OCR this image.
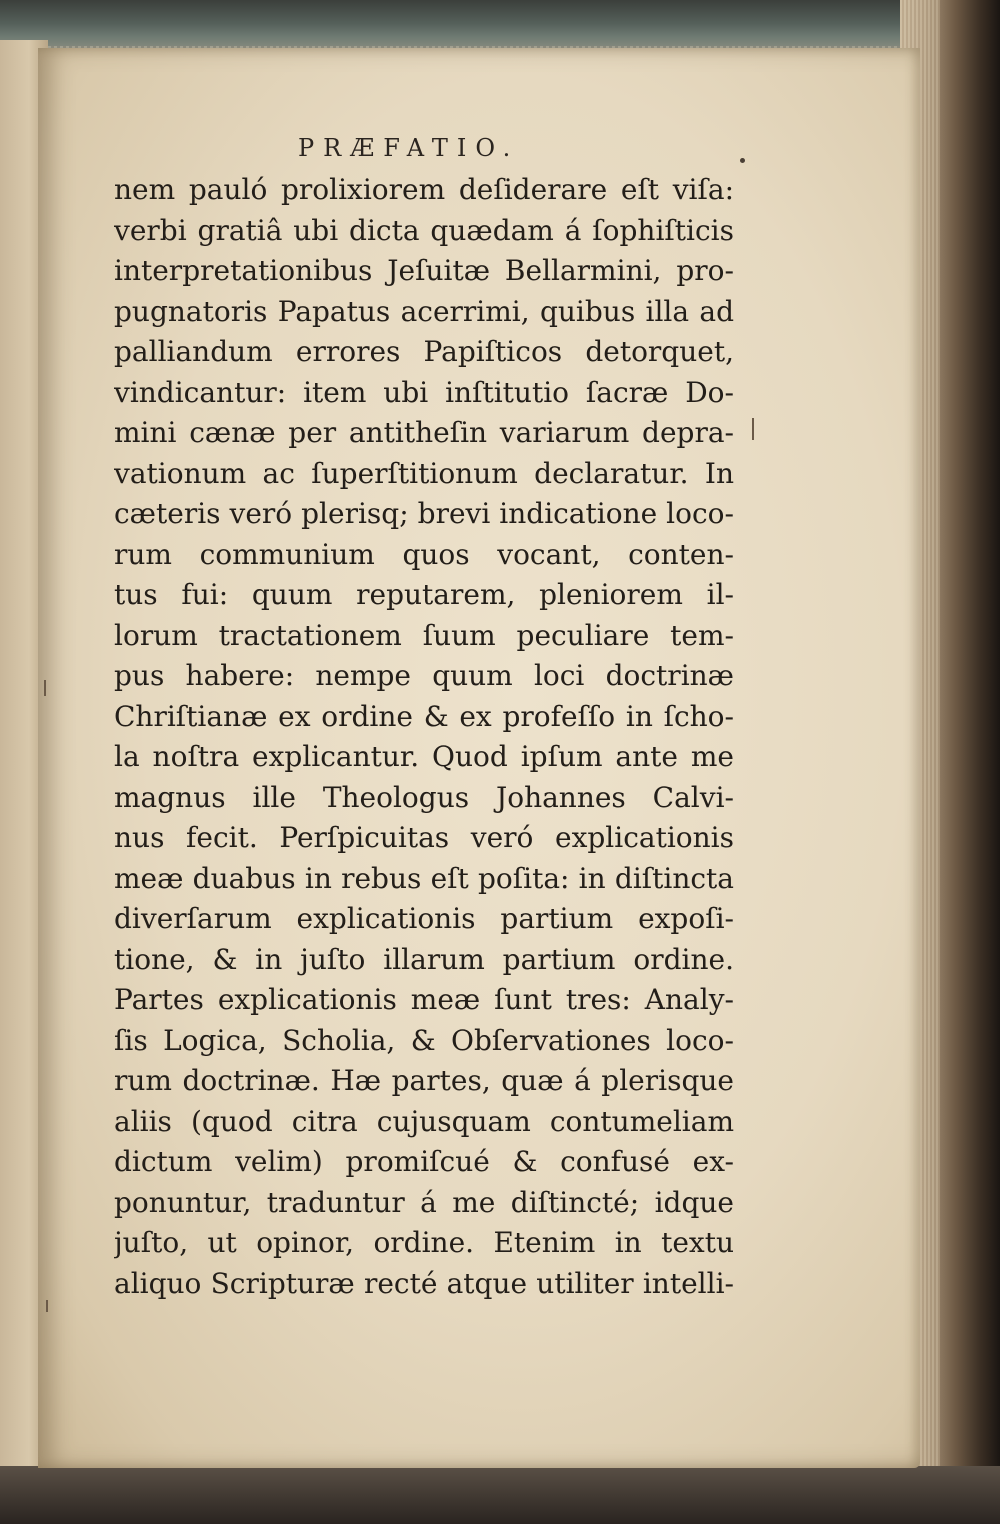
PRÆFATIO.
nem pauló prolixiorem deſiderare eſt viſa:
verbi gratiâ ubi dicta quædam á ſophiſticis
interpretationibus Jeſuitæ Bellarmini, pro-
pugnatoris Papatus acerrimi, quibus illa ad
palliandum errores Papiſticos detorquet,
vindicantur: item ubi inſtitutio ſacræ Do-
mini cænæ per antitheſin variarum depra-
vationum ac ſuperſtitionum declaratur. In
cæteris veró plerisq; brevi indicatione loco-
rum communium quos vocant, conten-
tus fui: quum reputarem, pleniorem il-
lorum tractationem ſuum peculiare tem-
pus habere: nempe quum loci doctrinæ
Chriſtianæ ex ordine & ex profeſſo in ſcho-
la noſtra explicantur. Quod ipſum ante me
magnus ille Theologus Johannes Calvi-
nus fecit. Perſpicuitas veró explicationis
meæ duabus in rebus eſt poſita: in diſtincta
diverſarum explicationis partium expoſi-
tione, & in juſto illarum partium ordine.
Partes explicationis meæ ſunt tres: Analy-
ſis Logica, Scholia, & Obſervationes loco-
rum doctrinæ. Hæ partes, quæ á plerisque
aliis (quod citra cujusquam contumeliam
dictum velim) promiſcué & confusé ex-
ponuntur, traduntur á me diſtincté; idque
juſto, ut opinor, ordine. Etenim in textu
aliquo Scripturæ recté atque utiliter intelli-
